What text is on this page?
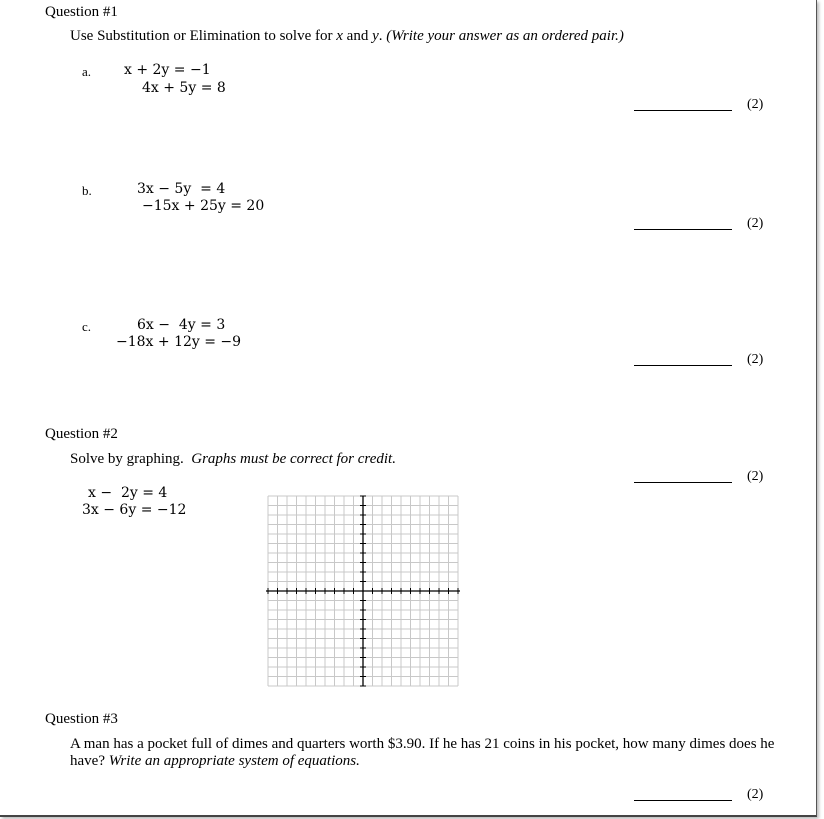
Question #1
Use Substitution or Elimination to solve for x and y. (Write your answer as an ordered pair.)
a. x + 2y = −1
4x + 5y = 8
(2)
b.	3x − 5y  = 4
−15x + 25y = 20
(2)
c.	6x −  4y = 3
−18x + 12y = −9
(2)
Question #2
Solve by graphing.  Graphs must be correct for credit.
(2)
x −  2y = 4
3x − 6y = −12
Question #3
A man has a pocket full of dimes and quarters worth $3.90. If he has 21 coins in his pocket, how many dimes does he
have? Write an appropriate system of equations.
(2)
